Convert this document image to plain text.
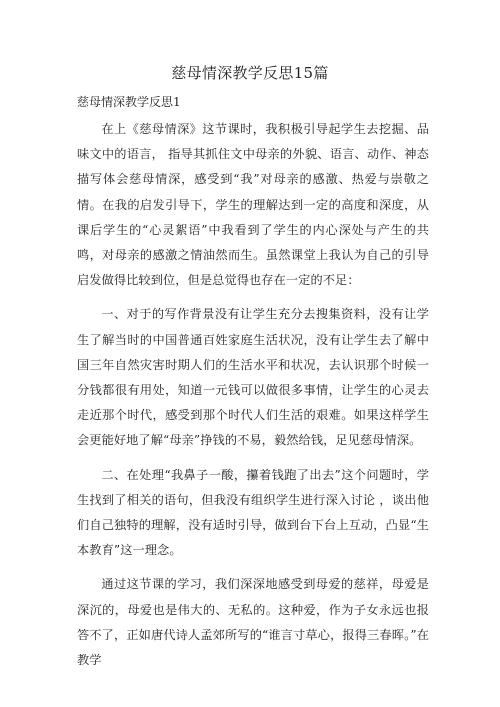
慈母情深教学反思15篇
慈母情深教学反思1

在上《慈母情深》这节课时，我积极引导起学生去挖掘、品味文中的语言， 指导其抓住文中母亲的外貌、语言、动作、神态描写体会慈母情深，感受到“我”对母亲的感激、热爱与崇敬之情。在我的启发引导下，学生的理解达到一定的高度和深度，从课后学生的“心灵絮语”中我看到了学生的内心深处与产生的共鸣，对母亲的感激之情油然而生。虽然课堂上我认为自己的引导启发做得比较到位，但是总觉得也存在一定的不足：

一、对于的写作背景没有让学生充分去搜集资料，没有让学生了解当时的中国普通百姓家庭生活状况，没有让学生去了解中国三年自然灾害时期人们的生活水平和状况，去认识那个时候一分钱都很有用处，知道一元钱可以做很多事情，让学生的心灵去走近那个时代，感受到那个时代人们生活的艰难。如果这样学生会更能好地了解“母亲”挣钱的不易，毅然给钱，足见慈母情深。

二、在处理“我鼻子一酸，攥着钱跑了出去”这个问题时，学生找到了相关的语句，但我没有组织学生进行深入讨论 ，谈出他们自己独特的理解，没有适时引导，做到台下台上互动，凸显“生本教育”这一理念。

通过这节课的学习，我们深深地感受到母爱的慈祥，母爱是深沉的，母爱也是伟大的、无私的。这种爱，作为子女永远也报答不了，正如唐代诗人孟郊所写的“谁言寸草心，报得三春晖。”在教学
